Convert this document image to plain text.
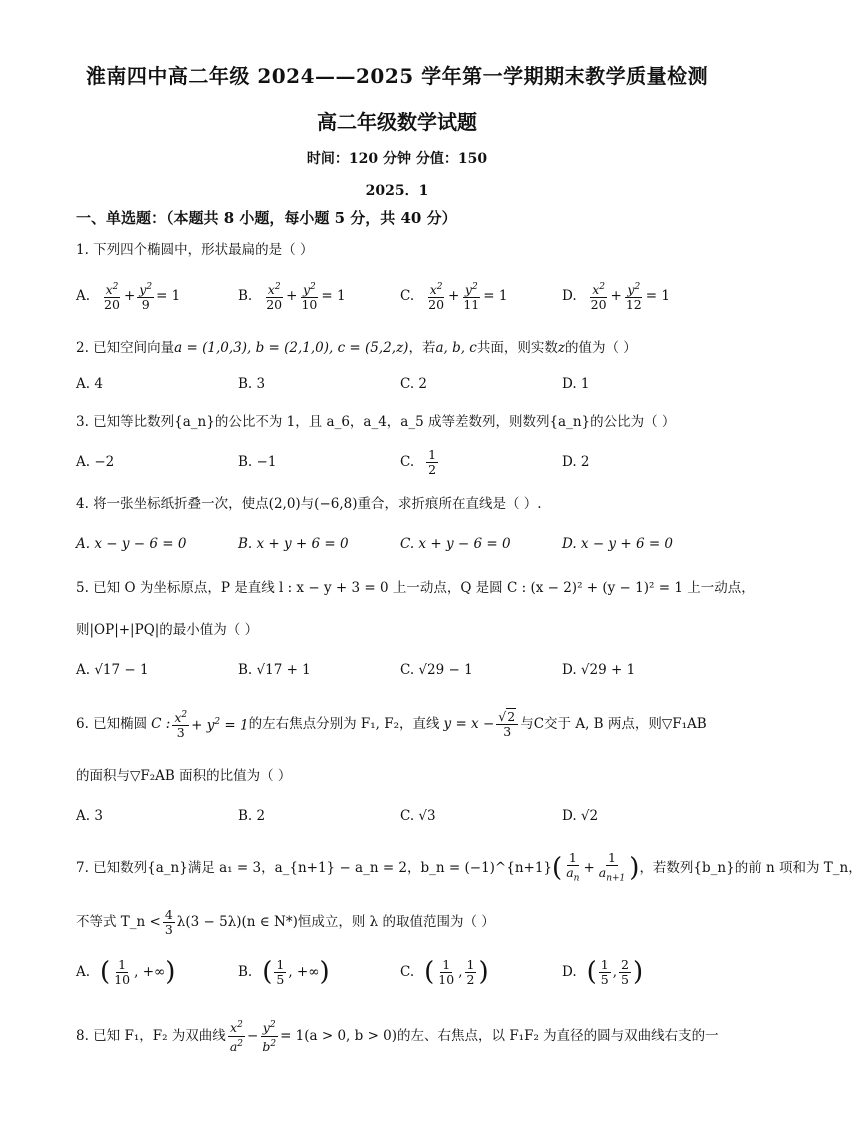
淮南四中高二年级 2024——2025 学年第一学期期末教学质量检测
高二年级数学试题
时间：120 分钟 分值：150
2025．1
一、单选题：（本题共 8 小题，每小题 5 分，共 40 分）
1. 下列四个椭圆中，形状最扁的是（ ）
A. $\frac{x^2}{20} + \frac{y^2}{9} = 1$	B. $\frac{x^2}{20} + \frac{y^2}{10} = 1$	C. $\frac{x^2}{20} + \frac{y^2}{11} = 1$	D. $\frac{x^2}{20} + \frac{y^2}{12} = 1$
2. 已知空间向量a = (1,0,3), b = (2,1,0), c = (5,2,z)，若a, b, c共面，则实数z的值为（ ）
A. 4	B. 3	C. 2	D. 1
3. 已知等比数列{a_n}的公比不为 1，且 a_6，a_4，a_5 成等差数列，则数列{a_n}的公比为（ ）
A. −2	B. −1	C. $\frac{1}{2}$	D. 2
4. 将一张坐标纸折叠一次，使点(2,0)与(−6,8)重合，求折痕所在直线是（ ）.
A. x − y − 6 = 0	B. x + y + 6 = 0	C. x + y − 6 = 0	D. x − y + 6 = 0
5. 已知 O 为坐标原点，P 是直线 l : x − y + 3 = 0 上一动点，Q 是圆 C : (x − 2)² + (y − 1)² = 1 上一动点，
则|OP|+|PQ|的最小值为（ ）
A. √17 − 1	B. √17 + 1	C. √29 − 1	D. √29 + 1
6. 已知椭圆 C : $\frac{x^2}{3} + y^2 = 1$ 的左右焦点分别为 F₁, F₂，直线 $y = x - \frac{√2}{3}$ 与C交于 A, B 两点，则▽F₁AB
的面积与▽F₂AB 面积的比值为（ ）
A. 3	B. 2	C. √3	D. √2
7. 已知数列{a_n}满足 a₁ = 3，a_{n+1} − a_n = 2，b_n = (−1)^{n+1} ( $\frac{1}{a_n} + \frac{1}{a_{n+1}}$ ) ，若数列{b_n}的前 n 项和为 T_n，
不等式 T_n < $\frac{4}{3} \lambda(3 - 5\lambda)(n$ ∈ N*)恒成立，则 λ 的取值范围为（ ）
A. ( $\frac{1}{10}$ , +∞ )	B. ( $\frac{1}{5}$ , +∞ )	C. ( $\frac{1}{10}$ , $\frac{1}{2}$ )	D. ( $\frac{1}{5}$ , $\frac{2}{5}$ )
8. 已知 F₁，F₂ 为双曲线 $\frac{x^2}{a^2} - \frac{y^2}{b^2} = 1(a > 0$, b > 0)的左、右焦点，以 F₁F₂ 为直径的圆与双曲线右支的一
